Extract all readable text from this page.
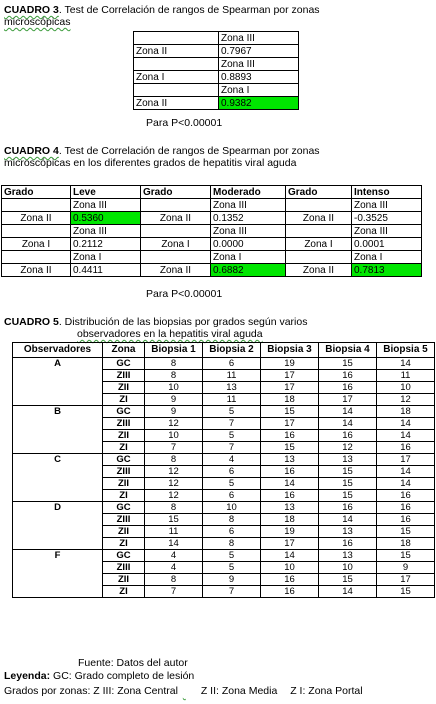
CUADRO 3. Test de Correlación de rangos de Spearman por zonas
microscópicas
	Zona III
Zona II	0.7967
	Zona III
Zona I	0.8893
	Zona I
Zona II	0.9382
Para P<0.00001
CUADRO 4. Test de Correlación de rangos de Spearman por zonas
microscópicas en los diferentes grados de hepatitis viral aguda
Grado	Leve	Grado	Moderado	Grado	Intenso
	Zona III		Zona III		Zona III
Zona II	0.5360	Zona II	0.1352	Zona II	-0.3525
	Zona III		Zona III		Zona III
Zona I	0.2112	Zona I	0.0000	Zona I	0.0001
	Zona I		Zona I		Zona I
Zona II	0.4411	Zona II	0.6882	Zona II	0.7813
Para P<0.00001
CUADRO 5. Distribución de las biopsias por grados según varios
observadores en la hepatitis viral aguda
Observadores	Zona	Biopsia 1	Biopsia 2	Biopsia 3	Biopsia 4	Biopsia 5
A	GC	8	6	19	15	14
	ZIII	8	11	17	16	11
	ZII	10	13	17	16	10
	ZI	9	11	18	17	12
B	GC	9	5	15	14	18
	ZIII	12	7	17	14	14
	ZII	10	5	16	16	14
	ZI	7	7	15	12	16
C	GC	8	4	13	13	17
	ZIII	12	6	16	15	14
	ZII	12	5	14	15	14
	ZI	12	6	16	15	16
D	GC	8	10	13	16	16
	ZIII	15	8	18	14	16
	ZII	11	6	19	13	15
	ZI	14	8	17	16	18
F	GC	4	5	14	13	15
	ZIII	4	5	10	10	9
	ZII	8	9	16	15	17
	ZI	7	7	16	14	15
Fuente: Datos del autor
Leyenda: GC: Grado completo de lesión
Grados por zonas: Z III: Zona Central Z II: Zona Media Z I: Zona Portal
